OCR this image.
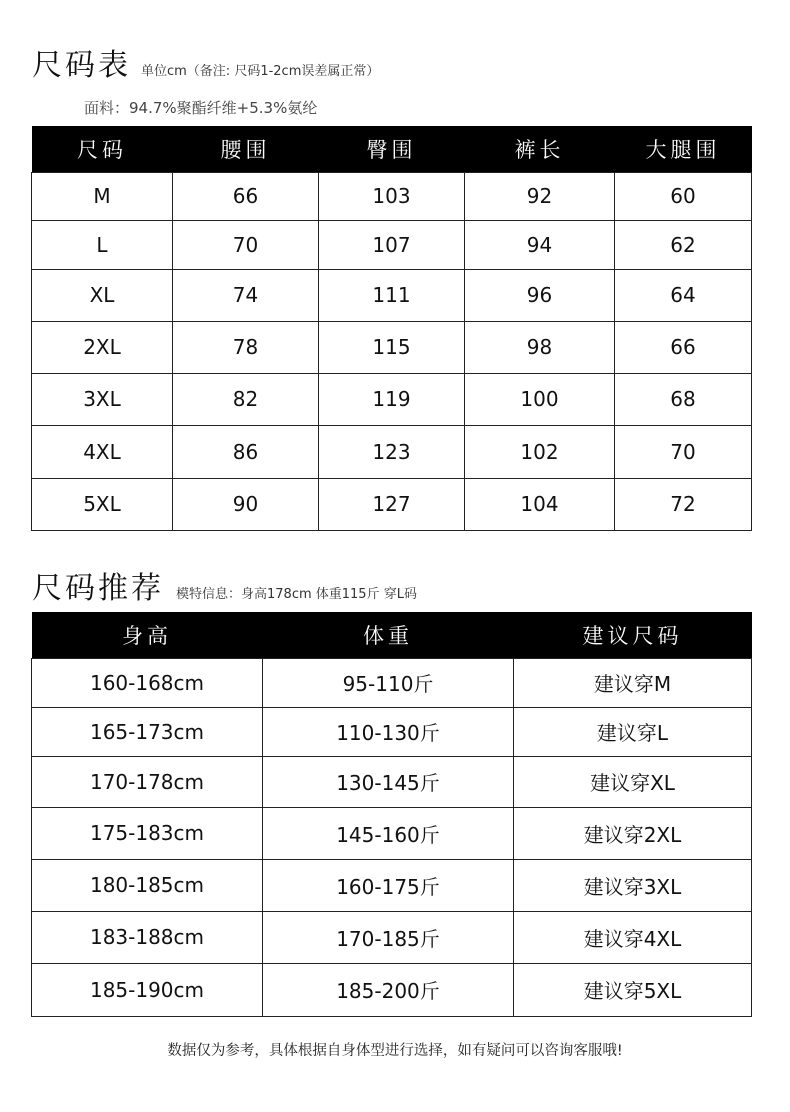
尺码表 单位cm（备注: 尺码1-2cm误差属正常）
面料：94.7%聚酯纤维+5.3%氨纶
尺码	腰围	臀围	裤长	大腿围
M	66	103	92	60
L	70	107	94	62
XL	74	111	96	64
2XL	78	115	98	66
3XL	82	119	100	68
4XL	86	123	102	70
5XL	90	127	104	72
尺码推荐 模特信息：身高178cm 体重115斤 穿L码
身高	体重	建议尺码
160-168cm	95-110斤	建议穿M
165-173cm	110-130斤	建议穿L
170-178cm	130-145斤	建议穿XL
175-183cm	145-160斤	建议穿2XL
180-185cm	160-175斤	建议穿3XL
183-188cm	170-185斤	建议穿4XL
185-190cm	185-200斤	建议穿5XL
数据仅为参考，具体根据自身体型进行选择，如有疑问可以咨询客服哦!
